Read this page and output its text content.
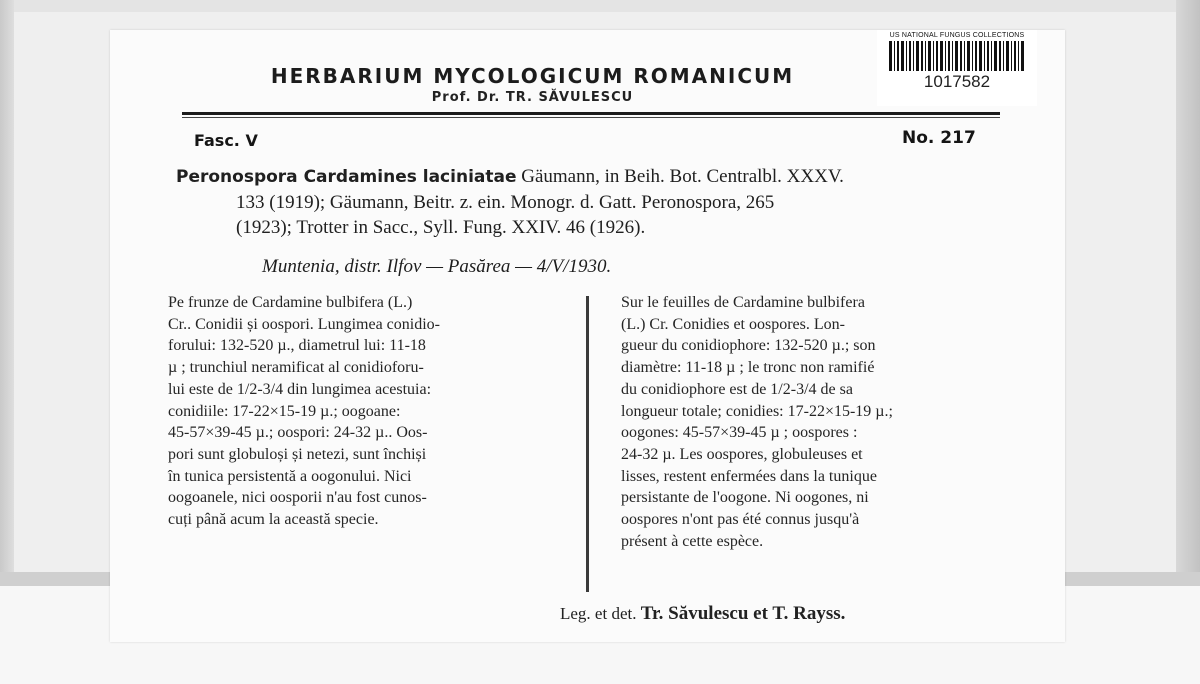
HERBARIUM MYCOLOGICUM ROMANICUM
Prof. Dr. TR. SĂVULESCU
US NATIONAL FUNGUS COLLECTIONS
1017582
Fasc. V	No. 217
Peronospora Cardamines laciniatae Gäumann, in Beih. Bot. Centralbl. XXXV.
133 (1919); Gäumann, Beitr. z. ein. Monogr. d. Gatt. Peronospora, 265
(1923); Trotter in Sacc., Syll. Fung. XXIV. 46 (1926).
Muntenia, distr. Ilfov — Pasărea — 4/V/1930.
Pe frunze de Cardamine bulbifera (L.)
Cr.. Conidii și oospori. Lungimea conidio-
forului: 132-520 µ., diametrul lui: 11-18
µ ; trunchiul neramificat al conidioforu-
lui este de 1/2-3/4 din lungimea acestuia:
conidiile: 17-22×15-19 µ.; oogoane:
45-57×39-45 µ.; oospori: 24-32 µ.. Oos-
pori sunt globuloși și netezi, sunt închiși
în tunica persistentă a oogonului. Nici
oogoanele, nici oosporii n'au fost cunos-
cuți până acum la această specie.
Sur le feuilles de Cardamine bulbifera
(L.) Cr. Conidies et oospores. Lon-
gueur du conidiophore: 132-520 µ.; son
diamètre: 11-18 µ ; le tronc non ramifié
du conidiophore est de 1/2-3/4 de sa
longueur totale; conidies: 17-22×15-19 µ.;
oogones: 45-57×39-45 µ ; oospores :
24-32 µ. Les oospores, globuleuses et
lisses, restent enfermées dans la tunique
persistante de l'oogone. Ni oogones, ni
oospores n'ont pas été connus jusqu'à
présent à cette espèce.
Leg. et det. Tr. Săvulescu et T. Rayss.
